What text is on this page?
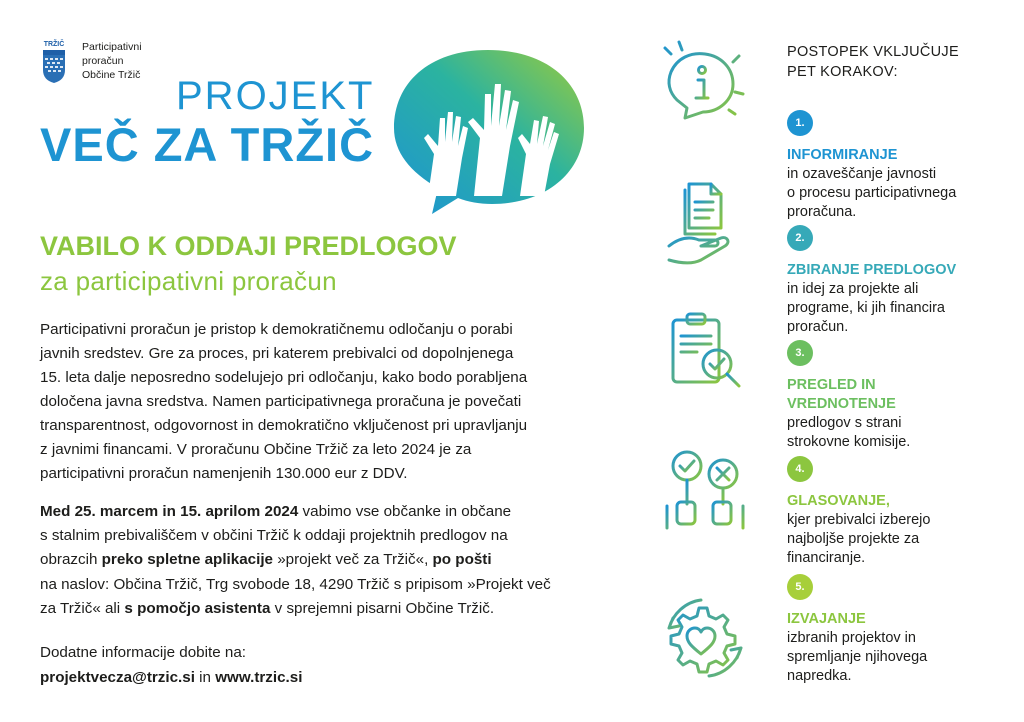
TRŽIČ Participativni
proračun
Občine Tržič PROJEKT
VEČ ZA TRŽIČ
VABILO K ODDAJI PREDLOGOV
za participativni proračun
Participativni proračun je pristop k demokratičnemu odločanju o porabi
javnih sredstev. Gre za proces, pri katerem prebivalci od dopolnjenega
15. leta dalje neposredno sodelujejo pri odločanju, kako bodo porabljena
določena javna sredstva. Namen participativnega proračuna je povečati
transparentnost, odgovornost in demokratično vključenost pri upravljanju
z javnimi financami. V proračunu Občine Tržič za leto 2024 je za
participativni proračun namenjenih 130.000 eur z DDV.
Med 25. marcem in 15. aprilom 2024 vabimo vse občanke in občane
s stalnim prebivališčem v občini Tržič k oddaji projektnih predlogov na
obrazcih preko spletne aplikacije »projekt več za Tržič«, po pošti
na naslov: Občina Tržič, Trg svobode 18, 4290 Tržič s pripisom »Projekt več
za Tržič« ali s pomočjo asistenta v sprejemni pisarni Občine Tržič.
Dodatne informacije dobite na:
projektvecza@trzic.si in www.trzic.si
POSTOPEK VKLJUČUJE
PET KORAKOV:
1.
INFORMIRANJE
in ozaveščanje javnosti
o procesu participativnega
proračuna.
2.
ZBIRANJE PREDLOGOV
in idej za projekte ali
programe, ki jih financira
proračun.
3.
PREGLED IN
VREDNOTENJE
predlogov s strani
strokovne komisije.
4.
GLASOVANJE,
kjer prebivalci izberejo
najboljše projekte za
financiranje.
5.
IZVAJANJE
izbranih projektov in
spremljanje njihovega
napredka.
